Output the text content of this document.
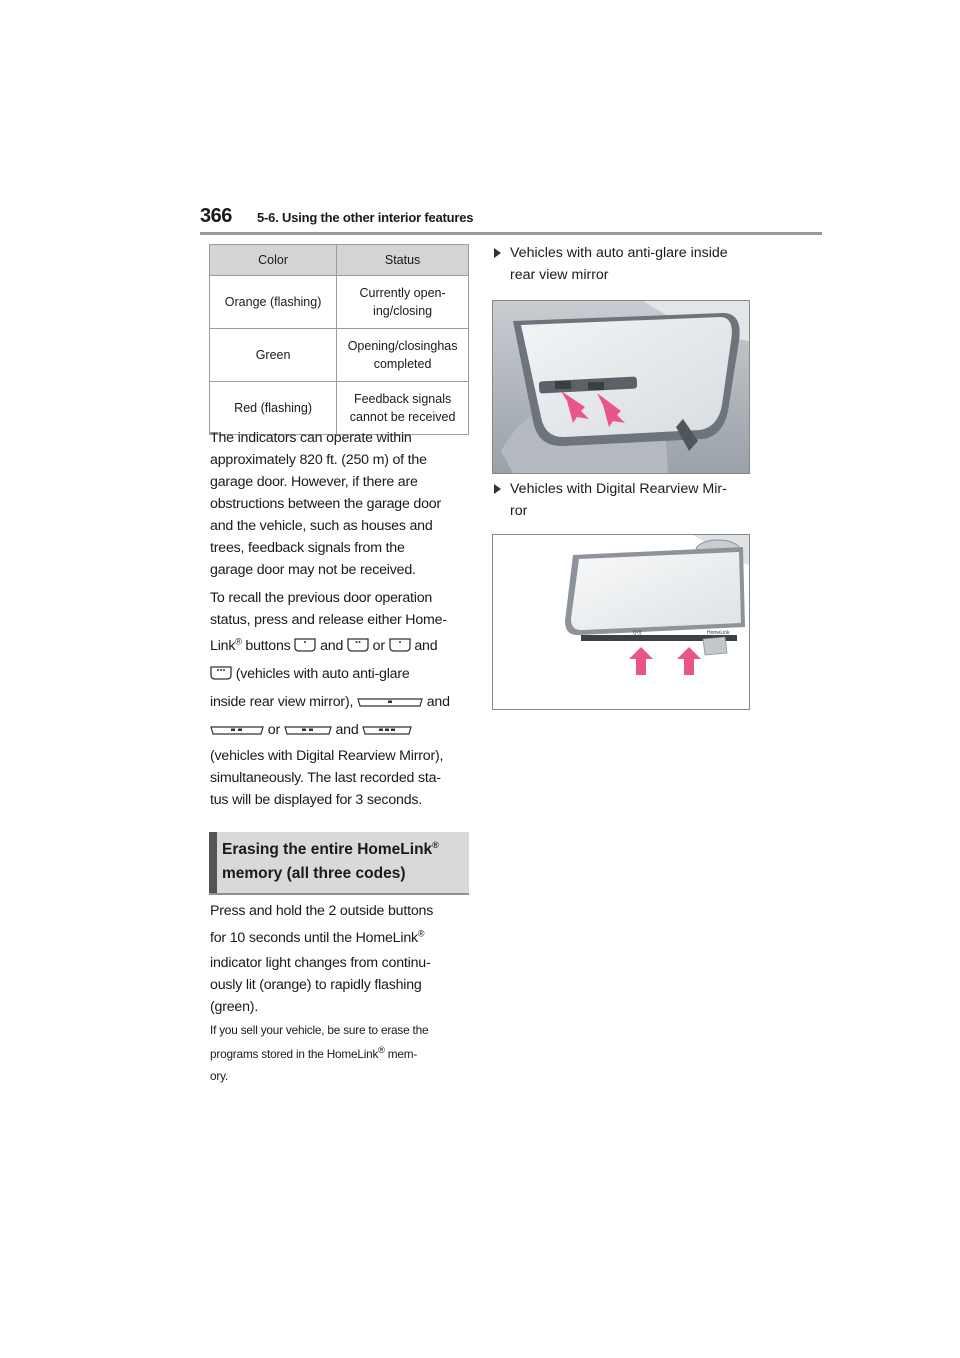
366 5-6. Using the other interior features
Color	Status
Orange (flashing)	Currently open-
ing/closing

Green	Opening/closinghas
completed

Red (flashing)	Feedback signals
cannot be received
The indicators can operate within
approximately 820 ft. (250 m) of the
garage door. However, if there are
obstructions between the garage door
and the vehicle, such as houses and
trees, feedback signals from the
garage door may not be received.
To recall the previous door operation
status, press and release either Home-
Link® buttons and or and
(vehicles with auto anti-glare
inside rear view mirror),	and
or	and
(vehicles with Digital Rearview Mirror),
simultaneously. The last recorded sta-
tus will be displayed for 3 seconds.
Erasing the entire HomeLink®
memory (all three codes)
Press and hold the 2 outside buttons
for 10 seconds until the HomeLink®
indicator light changes from continu-
ously lit (orange) to rapidly flashing
(green).
If you sell your vehicle, be sure to erase the
programs stored in the HomeLink® mem-
ory.
Vehicles with auto anti-glare inside
rear view mirror
Vehicles with Digital Rearview Mir-
ror
((•))	HomeLink
